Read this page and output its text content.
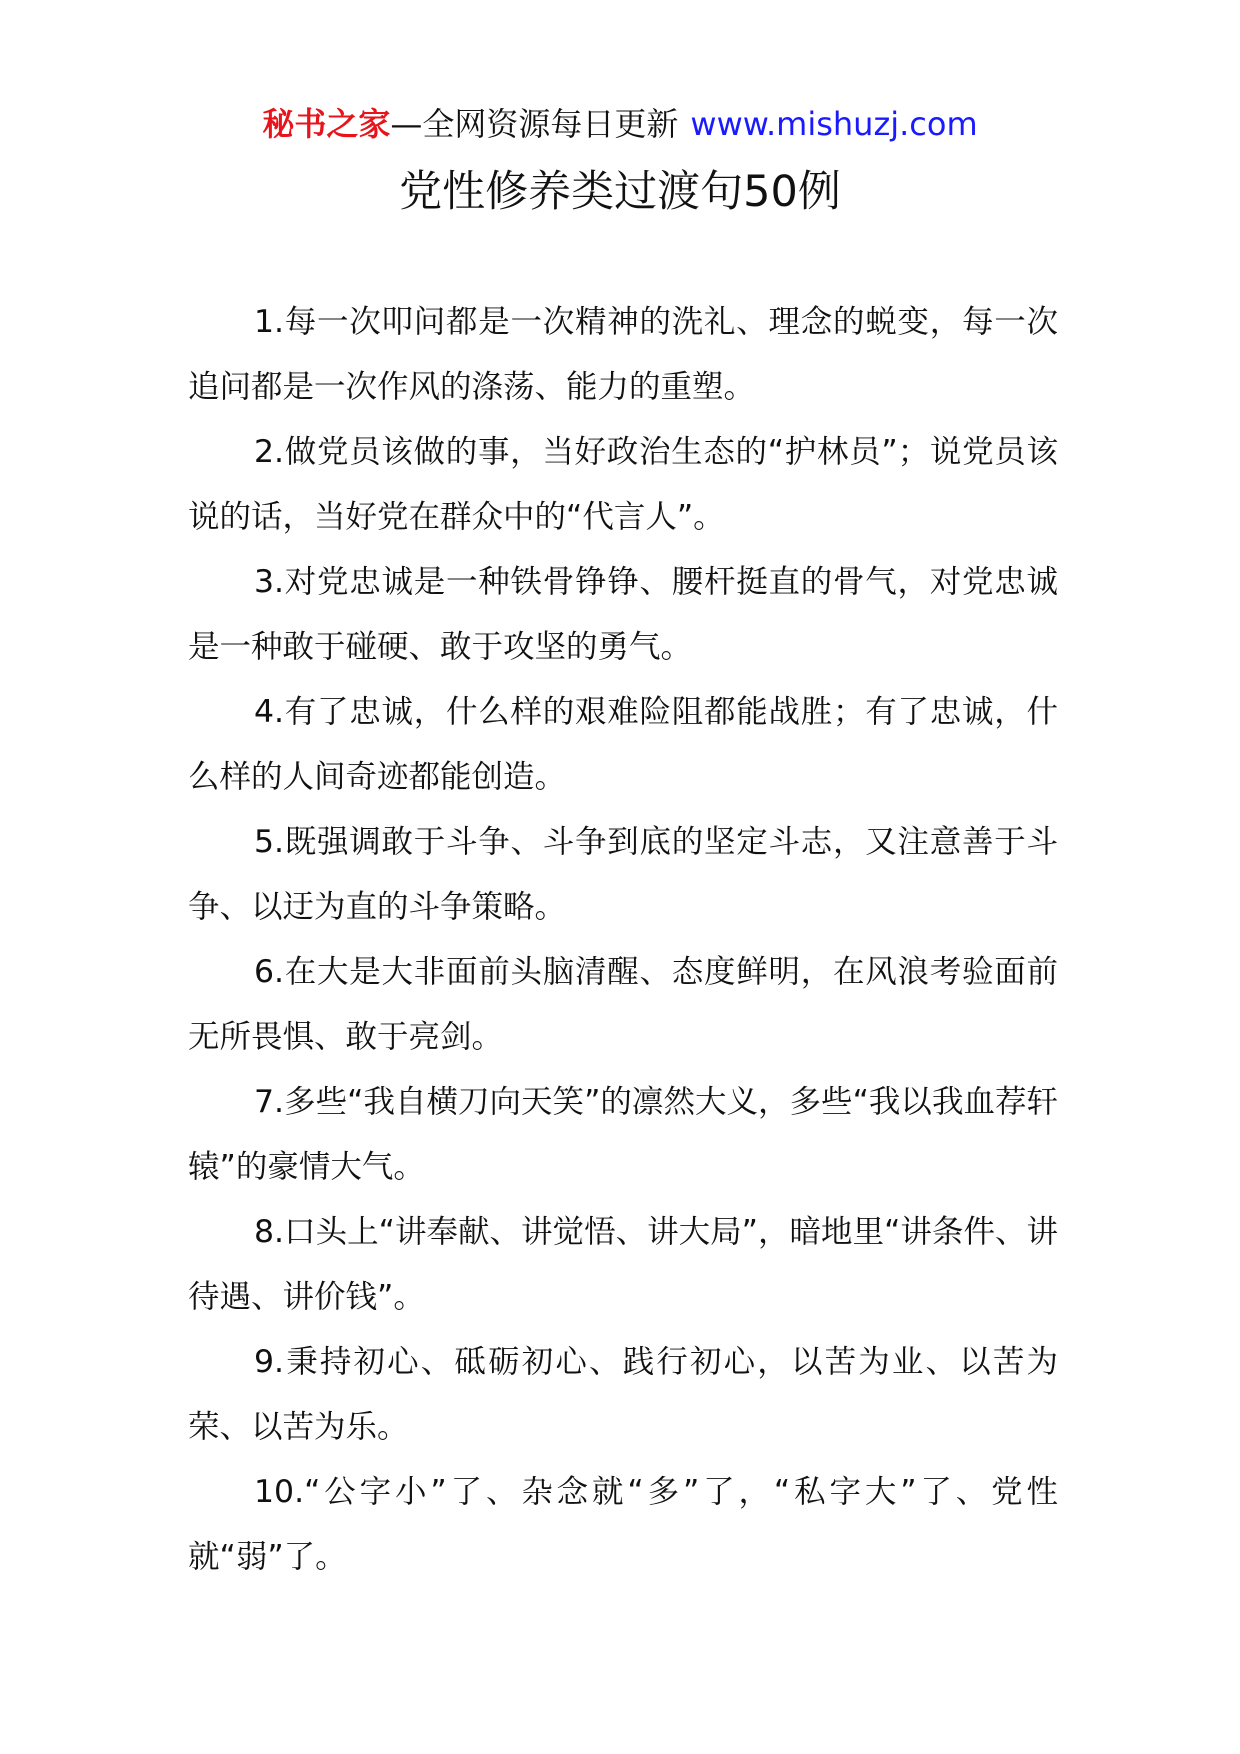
秘书之家—全网资源每日更新 www.mishuzj.com
党性修养类过渡句50例

1.每一次叩问都是一次精神的洗礼、理念的蜕变，每一次追问都是一次作风的涤荡、能力的重塑。

2.做党员该做的事，当好政治生态的“护林员”；说党员该说的话，当好党在群众中的“代言人”。

3.对党忠诚是一种铁骨铮铮、腰杆挺直的骨气，对党忠诚是一种敢于碰硬、敢于攻坚的勇气。

4.有了忠诚，什么样的艰难险阻都能战胜；有了忠诚，什么样的人间奇迹都能创造。

5.既强调敢于斗争、斗争到底的坚定斗志，又注意善于斗争、以迂为直的斗争策略。

6.在大是大非面前头脑清醒、态度鲜明，在风浪考验面前无所畏惧、敢于亮剑。

7.多些“我自横刀向天笑”的凛然大义，多些“我以我血荐轩辕”的豪情大气。

8.口头上“讲奉献、讲觉悟、讲大局”，暗地里“讲条件、讲待遇、讲价钱”。

9.秉持初心、砥砺初心、践行初心，以苦为业、以苦为荣、以苦为乐。

10.“公字小”了、杂念就“多”了，“私字大”了、党性就“弱”了。
